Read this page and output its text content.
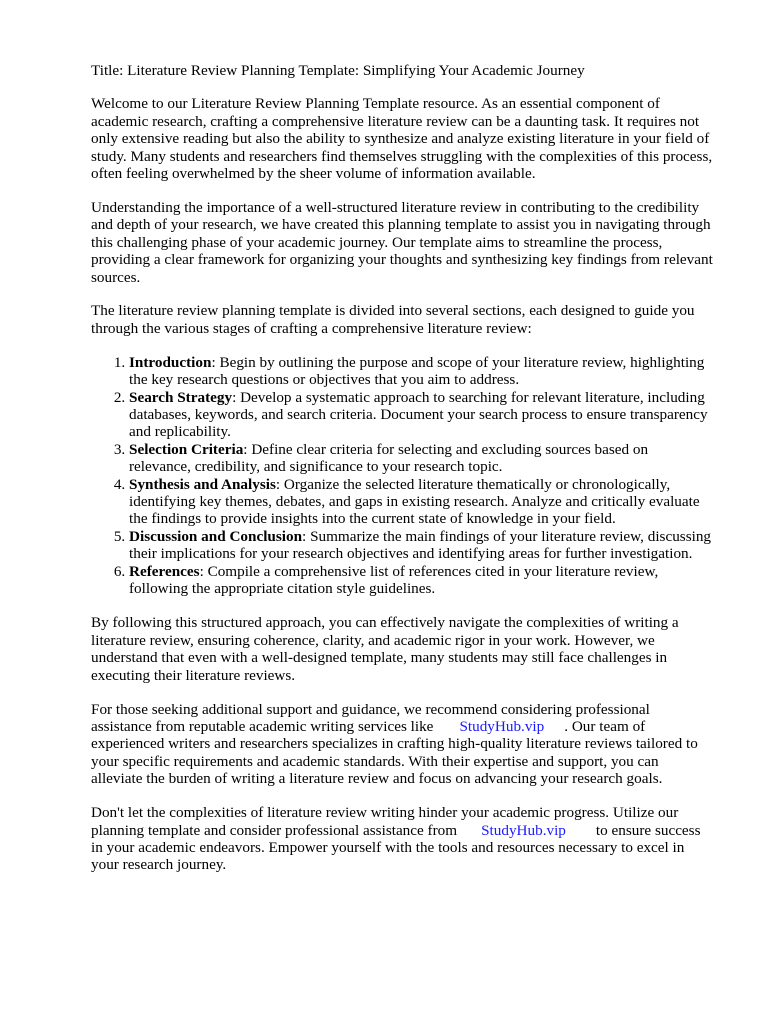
Title: Literature Review Planning Template: Simplifying Your Academic Journey

Welcome to our Literature Review Planning Template resource. As an essential component of academic research, crafting a comprehensive literature review can be a daunting task. It requires not only extensive reading but also the ability to synthesize and analyze existing literature in your field of study. Many students and researchers find themselves struggling with the complexities of this process, often feeling overwhelmed by the sheer volume of information available.

Understanding the importance of a well-structured literature review in contributing to the credibility and depth of your research, we have created this planning template to assist you in navigating through this challenging phase of your academic journey. Our template aims to streamline the process, providing a clear framework for organizing your thoughts and synthesizing key findings from relevant sources.

The literature review planning template is divided into several sections, each designed to guide you through the various stages of crafting a comprehensive literature review:

1. Introduction: Begin by outlining the purpose and scope of your literature review, highlighting the key research questions or objectives that you aim to address.
2. Search Strategy: Develop a systematic approach to searching for relevant literature, including databases, keywords, and search criteria. Document your search process to ensure transparency and replicability.
3. Selection Criteria: Define clear criteria for selecting and excluding sources based on relevance, credibility, and significance to your research topic.
4. Synthesis and Analysis: Organize the selected literature thematically or chronologically, identifying key themes, debates, and gaps in existing research. Analyze and critically evaluate the findings to provide insights into the current state of knowledge in your field.
5. Discussion and Conclusion: Summarize the main findings of your literature review, discussing their implications for your research objectives and identifying areas for further investigation.
6. References: Compile a comprehensive list of references cited in your literature review, following the appropriate citation style guidelines.

By following this structured approach, you can effectively navigate the complexities of writing a literature review, ensuring coherence, clarity, and academic rigor in your work. However, we understand that even with a well-designed template, many students may still face challenges in executing their literature reviews.

For those seeking additional support and guidance, we recommend considering professional assistance from reputable academic writing services like StudyHub.vip . Our team of experienced writers and researchers specializes in crafting high-quality literature reviews tailored to your specific requirements and academic standards. With their expertise and support, you can alleviate the burden of writing a literature review and focus on advancing your research goals.

Don't let the complexities of literature review writing hinder your academic progress. Utilize our planning template and consider professional assistance from StudyHub.vip to ensure success in your academic endeavors. Empower yourself with the tools and resources necessary to excel in your research journey.
